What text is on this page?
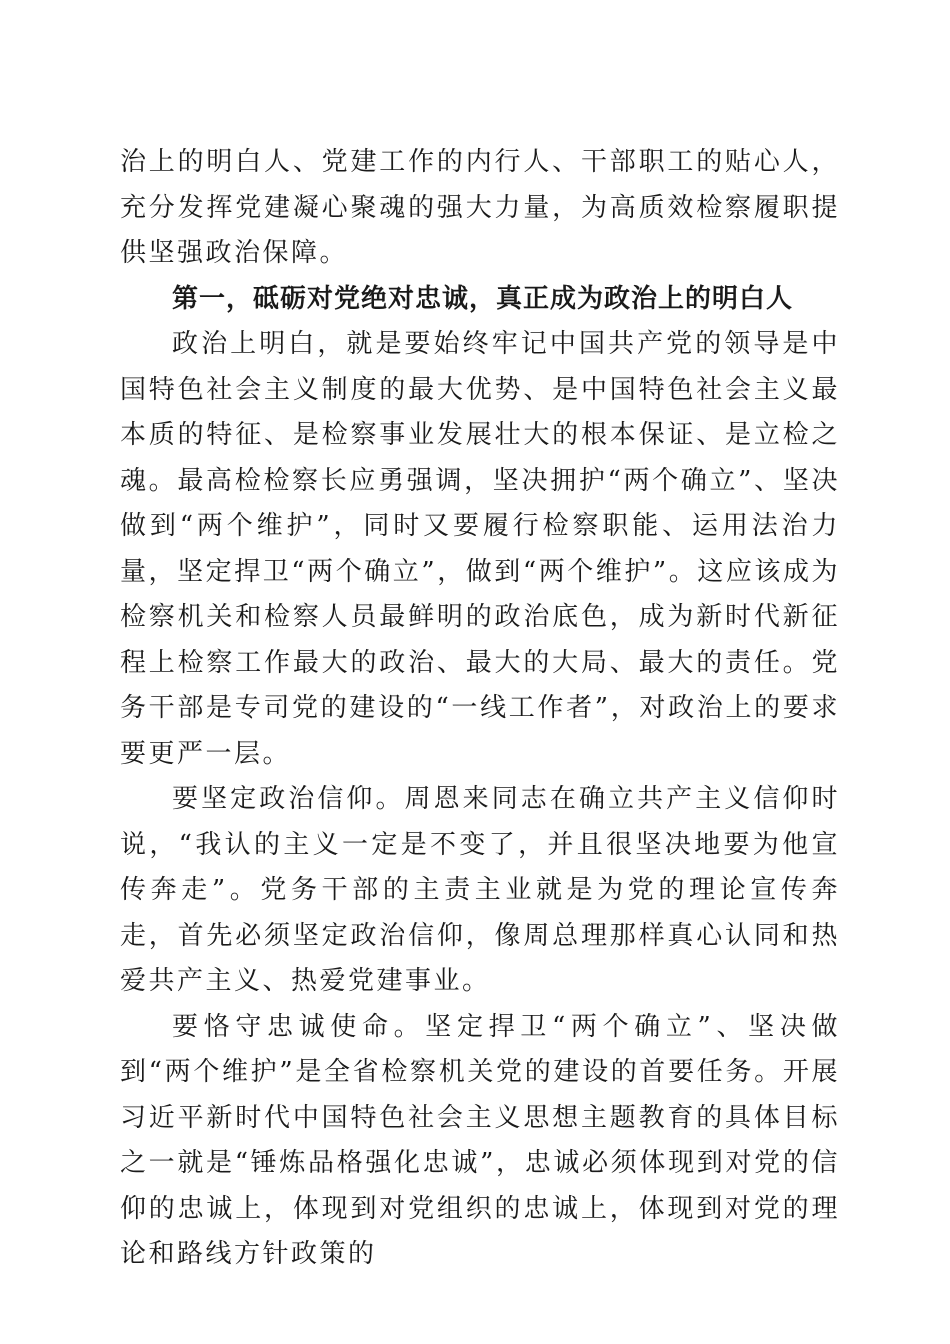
治上的明白人、党建工作的内行人、干部职工的贴心人，充分发挥党建凝心聚魂的强大力量，为高质效检察履职提供坚强政治保障。

第一，砥砺对党绝对忠诚，真正成为政治上的明白人

政治上明白，就是要始终牢记中国共产党的领导是中国特色社会主义制度的最大优势、是中国特色社会主义最本质的特征、是检察事业发展壮大的根本保证、是立检之魂。最高检检察长应勇强调，坚决拥护“两个确立”、坚决做到“两个维护”，同时又要履行检察职能、运用法治力量，坚定捍卫“两个确立”，做到“两个维护”。这应该成为检察机关和检察人员最鲜明的政治底色，成为新时代新征程上检察工作最大的政治、最大的大局、最大的责任。党务干部是专司党的建设的“一线工作者”，对政治上的要求要更严一层。

要坚定政治信仰。周恩来同志在确立共产主义信仰时说，“我认的主义一定是不变了，并且很坚决地要为他宣传奔走”。党务干部的主责主业就是为党的理论宣传奔走，首先必须坚定政治信仰，像周总理那样真心认同和热爱共产主义、热爱党建事业。

要恪守忠诚使命。坚定捍卫“两个确立”、坚决做到“两个维护”是全省检察机关党的建设的首要任务。开展习近平新时代中国特色社会主义思想主题教育的具体目标之一就是“锤炼品格强化忠诚”，忠诚必须体现到对党的信仰的忠诚上，体现到对党组织的忠诚上，体现到对党的理论和路线方针政策的
